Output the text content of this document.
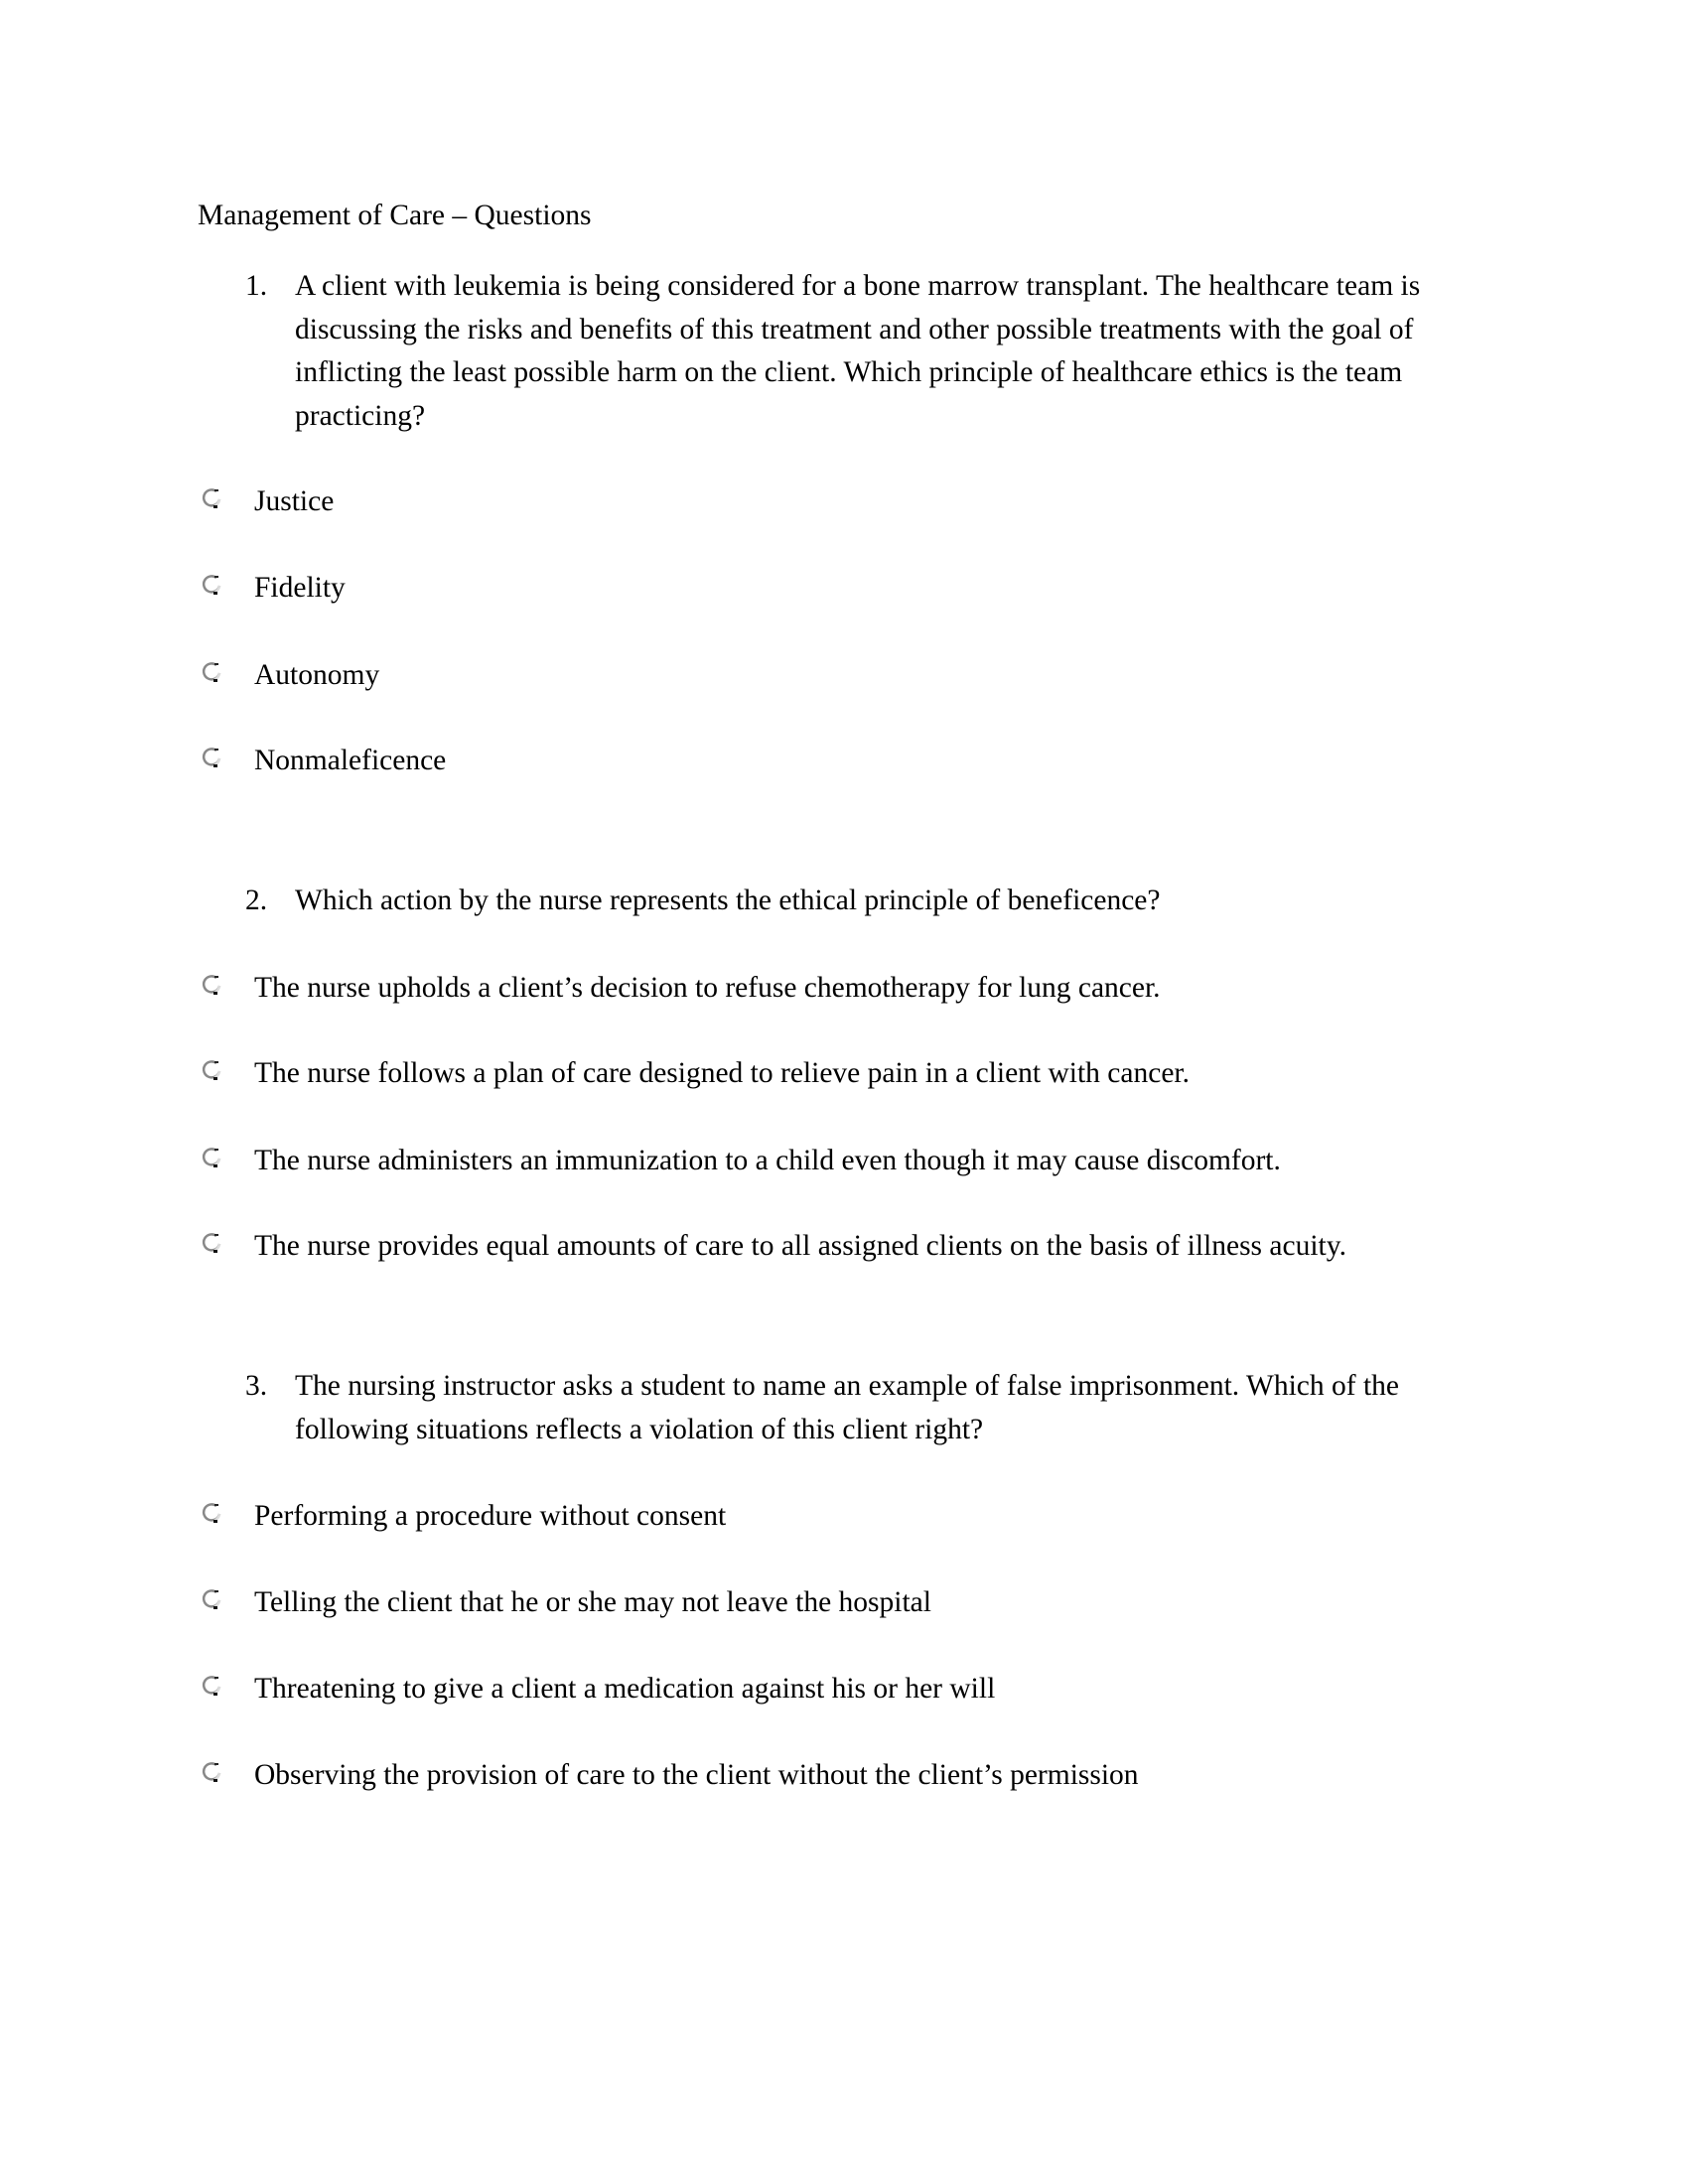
Management of Care – Questions
1. A client with leukemia is being considered for a bone marrow transplant. The healthcare team is discussing the risks and benefits of this treatment and other possible treatments with the goal of inflicting the least possible harm on the client. Which principle of healthcare ethics is the team practicing?
Justice
Fidelity
Autonomy
Nonmaleficence
2. Which action by the nurse represents the ethical principle of beneficence?
The nurse upholds a client’s decision to refuse chemotherapy for lung cancer.
The nurse follows a plan of care designed to relieve pain in a client with cancer.
The nurse administers an immunization to a child even though it may cause discomfort.
The nurse provides equal amounts of care to all assigned clients on the basis of illness acuity.
3. The nursing instructor asks a student to name an example of false imprisonment. Which of the following situations reflects a violation of this client right?
Performing a procedure without consent
Telling the client that he or she may not leave the hospital
Threatening to give a client a medication against his or her will
Observing the provision of care to the client without the client’s permission
